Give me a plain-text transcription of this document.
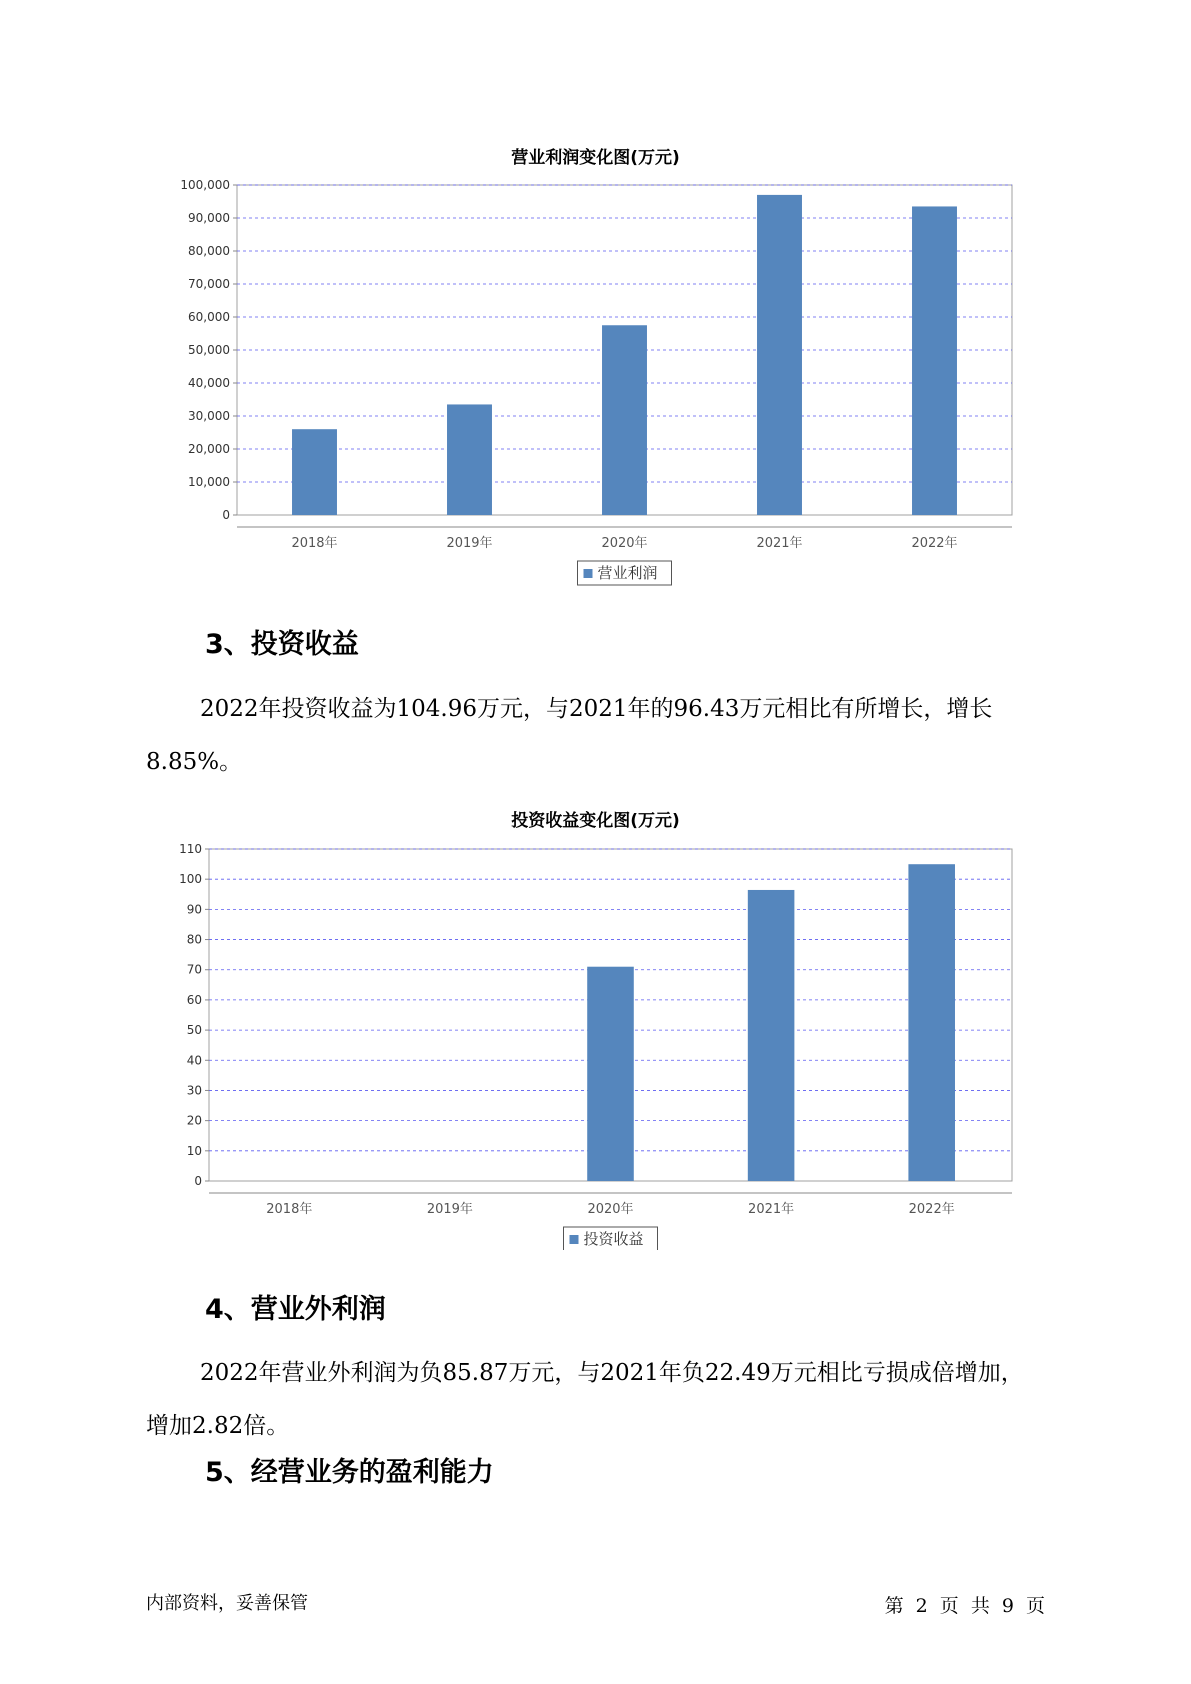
营业利润变化图(万元)
0
10,000
20,000
30,000
40,000
50,000
60,000
70,000
80,000
90,000
100,000
2018年	2019年	2020年	2021年	2022年
营业利润
3、投资收益

2022年投资收益为104.96万元，与2021年的96.43万元相比有所增长，增长8.85%。

投资收益变化图(万元)
0
10
20
30
40
50
60
70
80
90
100
110
2018年	2019年	2020年	2021年	2022年
投资收益
4、营业外利润

2022年营业外利润为负85.87万元，与2021年负22.49万元相比亏损成倍增加，增加2.82倍。

5、经营业务的盈利能力
内部资料，妥善保管	第 2 页 共 9 页
